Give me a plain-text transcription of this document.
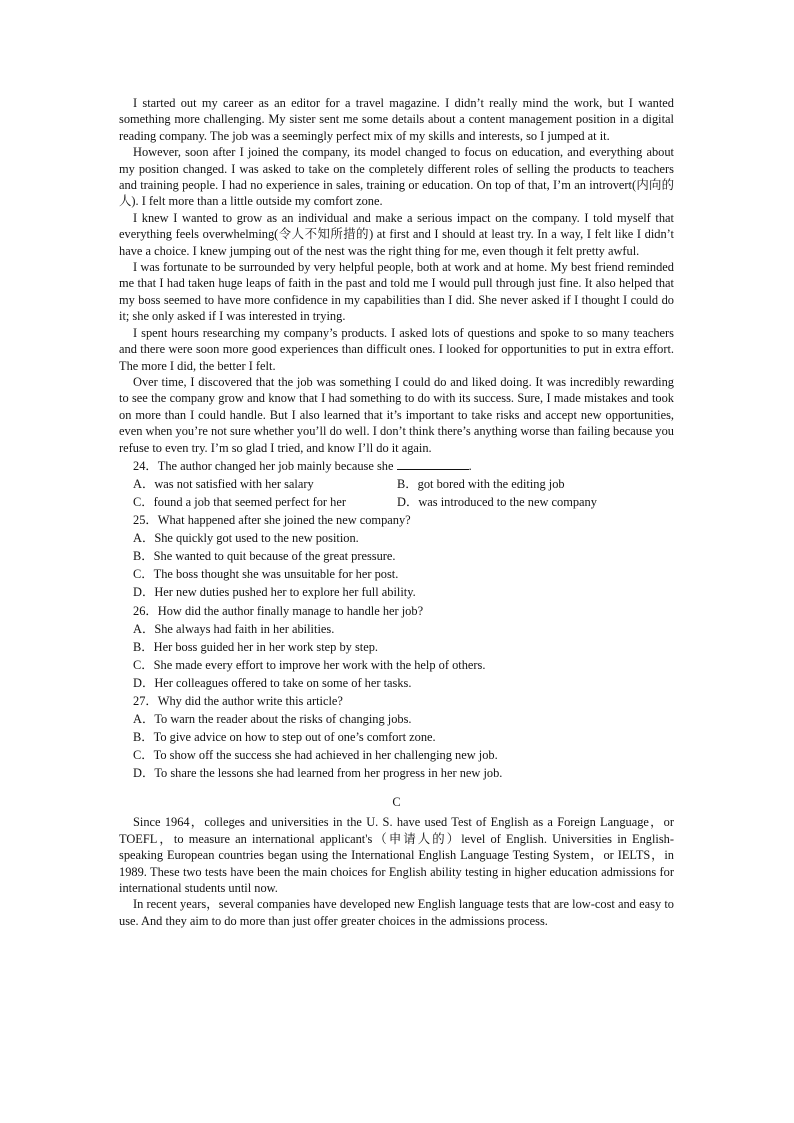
I started out my career as an editor for a travel magazine. I didn’t really mind the work, but I wanted something more challenging. My sister sent me some details about a content management position in a digital reading company. The job was a seemingly perfect mix of my skills and interests, so I jumped at it.

However, soon after I joined the company, its model changed to focus on education, and everything about my position changed. I was asked to take on the completely different roles of selling the products to teachers and training people. I had no experience in sales, training or education. On top of that, I’m an introvert(内向的人). I felt more than a little outside my comfort zone.

I knew I wanted to grow as an individual and make a serious impact on the company. I told myself that everything feels overwhelming(令人不知所措的) at first and I should at least try. In a way, I felt like I didn’t have a choice. I knew jumping out of the nest was the right thing for me, even though it felt pretty awful.

I was fortunate to be surrounded by very helpful people, both at work and at home. My best friend reminded me that I had taken huge leaps of faith in the past and told me I would pull through just fine. It also helped that my boss seemed to have more confidence in my capabilities than I did. She never asked if I thought I could do it; she only asked if I was interested in trying.

I spent hours researching my company’s products. I asked lots of questions and spoke to so many teachers and there were soon more good experiences than difficult ones. I looked for opportunities to put in extra effort. The more I did, the better I felt.

Over time, I discovered that the job was something I could do and liked doing. It was incredibly rewarding to see the company grow and know that I had something to do with its success. Sure, I made mistakes and took on more than I could handle. But I also learned that it’s important to take risks and accept new opportunities, even when you’re not sure whether you’ll do well. I don’t think there’s anything worse than failing because you refuse to even try. I’m so glad I tried, and know I’ll do it again.

24．The author changed her job mainly because she	.
A．was not satisfied with her salary	B．got bored with the editing job
C．found a job that seemed perfect for her	D．was introduced to the new company
25．What happened after she joined the new company?
A．She quickly got used to the new position.
B．She wanted to quit because of the great pressure.
C．The boss thought she was unsuitable for her post.
D．Her new duties pushed her to explore her full ability.
26．How did the author finally manage to handle her job?
A．She always had faith in her abilities.
B．Her boss guided her in her work step by step.
C．She made every effort to improve her work with the help of others.
D．Her colleagues offered to take on some of her tasks.
27．Why did the author write this article?
A．To warn the reader about the risks of changing jobs.
B．To give advice on how to step out of one’s comfort zone.
C．To show off the success she had achieved in her challenging new job.
D．To share the lessons she had learned from her progress in her new job.
C

Since 1964，colleges and universities in the U. S. have used Test of English as a Foreign Language，or TOEFL，to measure an international applicant's（申请人的）level of English. Universities in English-speaking European countries began using the International English Language Testing System，or IELTS，in 1989. These two tests have been the main choices for English ability testing in higher education admissions for international students until now.

In recent years，several companies have developed new English language tests that are low-cost and easy to use. And they aim to do more than just offer greater choices in the admissions process.
